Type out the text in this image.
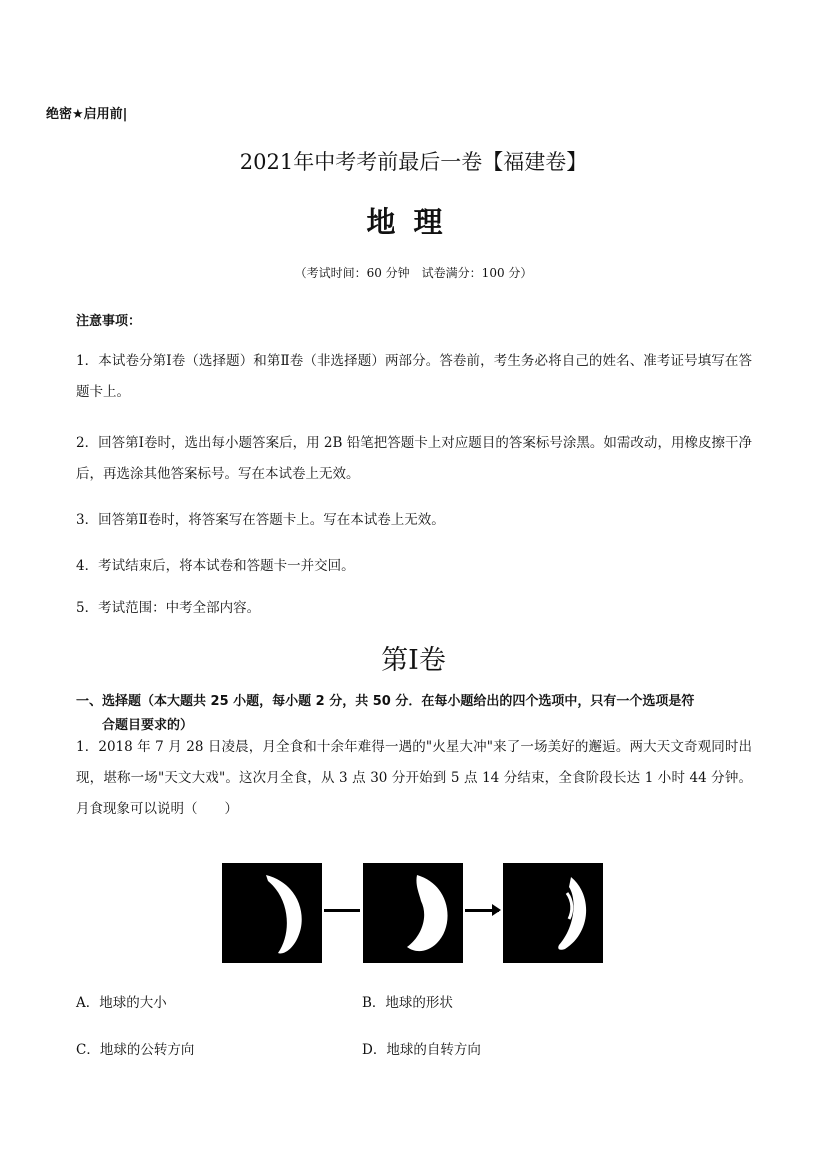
绝密★启用前|
2021年中考考前最后一卷【福建卷】
地理
（考试时间：60 分钟　试卷满分：100 分）
注意事项：
1．本试卷分第Ⅰ卷（选择题）和第Ⅱ卷（非选择题）两部分。答卷前，考生务必将自己的姓名、准考证号填写在答题卡上。
2．回答第Ⅰ卷时，选出每小题答案后，用 2B 铅笔把答题卡上对应题目的答案标号涂黑。如需改动，用橡皮擦干净后，再选涂其他答案标号。写在本试卷上无效。
3．回答第Ⅱ卷时，将答案写在答题卡上。写在本试卷上无效。
4．考试结束后，将本试卷和答题卡一并交回。
5．考试范围：中考全部内容。
第Ⅰ卷
一、选择题（本大题共 25 小题，每小题 2 分，共 50 分．在每小题给出的四个选项中，只有一个选项是符
合题目要求的）
1．2018 年 7 月 28 日凌晨，月全食和十余年难得一遇的"火星大冲"来了一场美好的邂逅。两大天文奇观同时出现，堪称一场"天文大戏"。这次月全食，从 3 点 30 分开始到 5 点 14 分结束，全食阶段长达 1 小时 44 分钟。月食现象可以说明（　　）
A．地球的大小	B．地球的形状
C．地球的公转方向	D．地球的自转方向
